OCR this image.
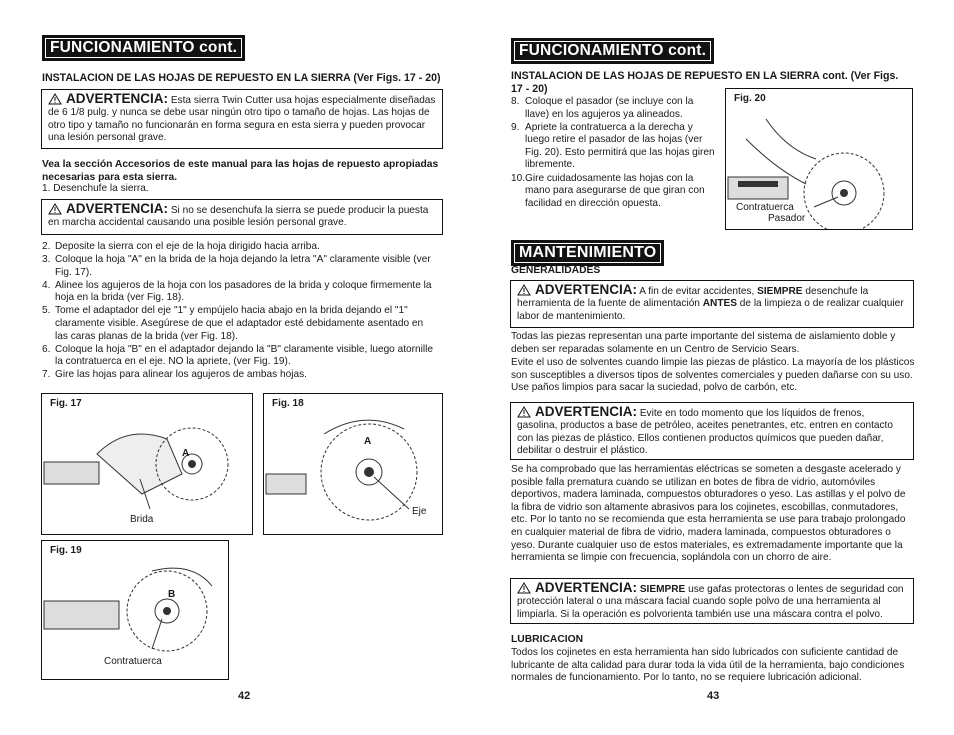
FUNCIONAMIENTO cont.
INSTALACION DE LAS HOJAS DE REPUESTO EN LA SIERRA (Ver Figs. 17 - 20)
ADVERTENCIA: Esta sierra Twin Cutter usa hojas especialmente diseñadas de 6 1/8 pulg. y nunca se debe usar ningún otro tipo o tamaño de hojas. Las hojas de otro tipo y tamaño no funcionarán en forma segura en esta sierra y pueden provocar una lesión personal grave.
Vea la sección Accesorios de este manual para las hojas de repuesto apropiadas necesarias para esta sierra.
1. Desenchufe la sierra.
ADVERTENCIA: Si no se desenchufa la sierra se puede producir la puesta en marcha accidental causando una posible lesión personal grave.
2. Deposite la sierra con el eje de la hoja dirigido hacia arriba.
3. Coloque la hoja "A" en la brida de la hoja dejando la letra "A" claramente visible (ver Fig. 17).
4. Alinee los agujeros de la hoja con los pasadores de la brida y coloque firmemente la hoja en la brida (ver Fig. 18).
5. Tome el adaptador del eje "1" y empújelo hacia abajo en la brida dejando el "1" claramente visible. Asegúrese de que el adaptador esté debidamente asentado en las caras planas de la brida (ver Fig. 18).
6. Coloque la hoja "B" en el adaptador dejando la "B" claramente visible, luego atornille la contratuerca en el eje. NO la apriete, (ver Fig. 19).
7. Gire las hojas para alinear los agujeros de ambas hojas.
Fig. 17
A
Brida
Fig. 18
A
Eje
Fig. 19
B
Contratuerca
42
FUNCIONAMIENTO cont.
INSTALACION DE LAS HOJAS DE REPUESTO EN LA SIERRA cont. (Ver Figs. 17 - 20)
8. Coloque el pasador (se incluye con la llave) en los agujeros ya alineados.
9. Apriete la contratuerca a la derecha y luego retire el pasador de las hojas (ver Fig. 20). Esto permitirá que las hojas giren libremente.
10. Gire cuidadosamente las hojas con la mano para asegurarse de que giran con facilidad en dirección opuesta.
Fig. 20
Contratuerca
Pasador
MANTENIMIENTO
GENERALIDADES
ADVERTENCIA: A fin de evitar accidentes, SIEMPRE desenchufe la herramienta de la fuente de alimentación ANTES de la limpieza o de realizar cualquier labor de mantenimiento.
Todas las piezas representan una parte importante del sistema de aislamiento doble y deben ser reparadas solamente en un Centro de Servicio Sears.
Evite el uso de solventes cuando limpie las piezas de plástico. La mayoría de los plásticos son susceptibles a diversos tipos de solventes comerciales y pueden dañarse con su uso. Use paños limpios para sacar la suciedad, polvo de carbón, etc.
ADVERTENCIA: Evite en todo momento que los líquidos de frenos, gasolina, productos a base de petróleo, aceites penetrantes, etc. entren en contacto con las piezas de plástico. Ellos contienen productos químicos que pueden dañar, debilitar o destruir el plástico.
Se ha comprobado que las herramientas eléctricas se someten a desgaste acelerado y posible falla prematura cuando se utilizan en botes de fibra de vidrio, automóviles deportivos, madera laminada, compuestos obturadores o yeso. Las astillas y el polvo de la fibra de vidrio son altamente abrasivos para los cojinetes, escobillas, conmutadores, etc. Por lo tanto no se recomienda que esta herramienta se use para trabajo prolongado en cualquier material de fibra de vidrio, madera laminada, compuestos obturadores o yeso. Durante cualquier uso de estos materiales, es extremadamente importante que la herramienta se limpie con frecuencia, soplándola con un chorro de aire.
ADVERTENCIA: SIEMPRE use gafas protectoras o lentes de seguridad con protección lateral o una máscara facial cuando sople polvo de una herramienta al limpiarla. Si la operación es polvorienta también use una máscara contra el polvo.
LUBRICACION
Todos los cojinetes en esta herramienta han sido lubricados con suficiente cantidad de lubricante de alta calidad para durar toda la vida útil de la herramienta, bajo condiciones normales de funcionamiento. Por lo tanto, no se requiere lubricación adicional.
43
